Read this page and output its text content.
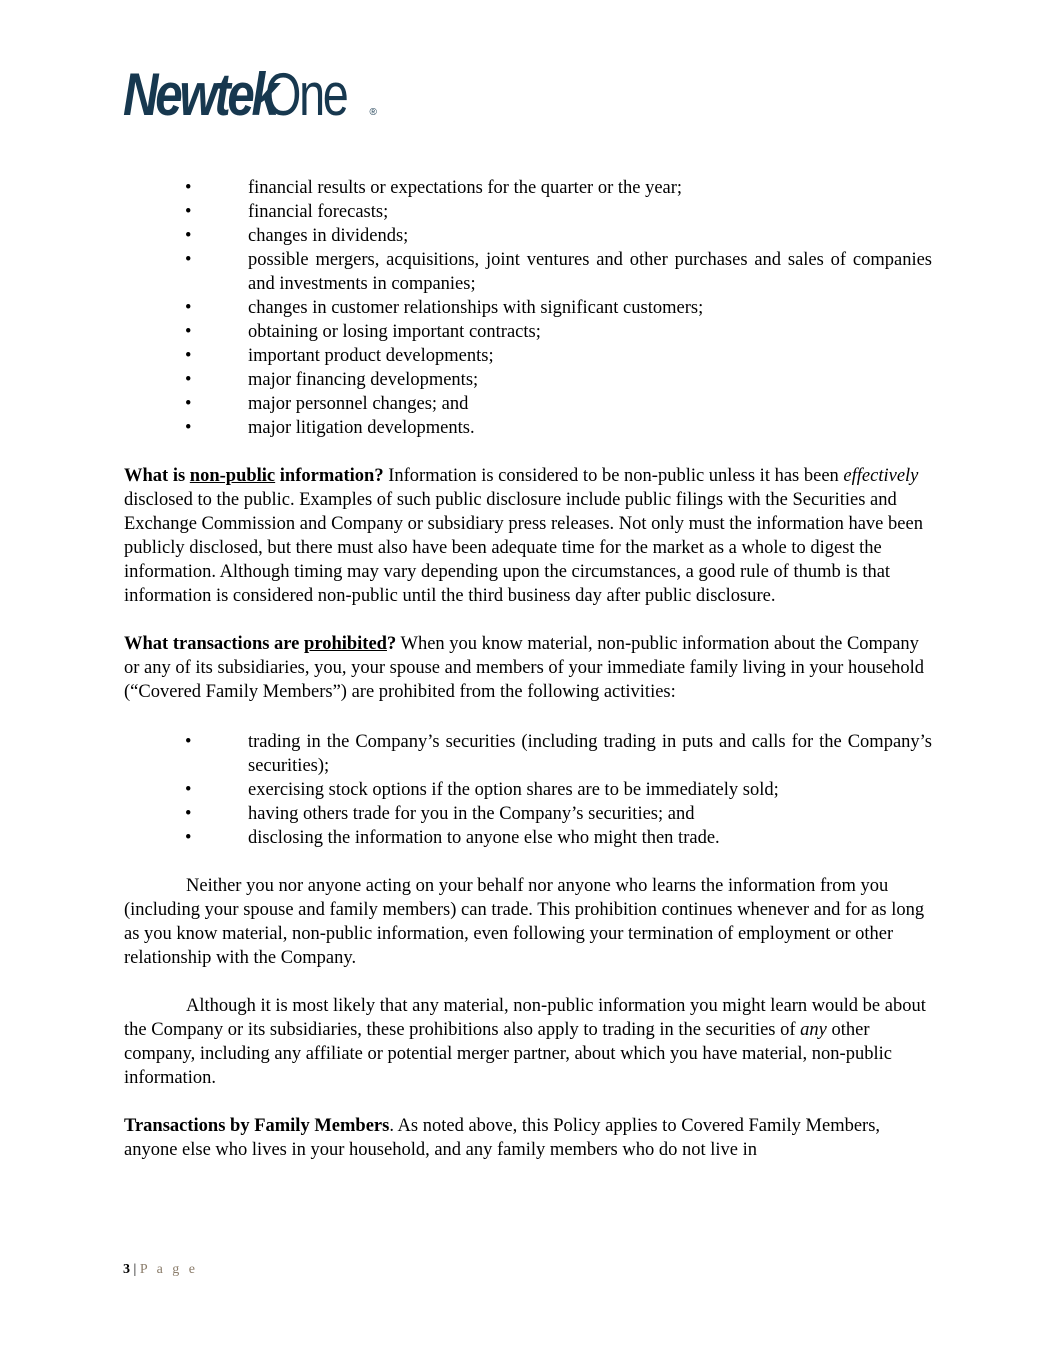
Newtek
One ®
• financial results or expectations for the quarter or the year;
• financial forecasts;
• changes in dividends;
• possible mergers, acquisitions, joint ventures and other purchases and sales of companies and investments in companies;
• changes in customer relationships with significant customers;
• obtaining or losing important contracts;
• important product developments;
• major financing developments;
• major personnel changes; and
• major litigation developments.

What is non-public information? Information is considered to be non-public unless it has been effectively disclosed to the public. Examples of such public disclosure include public filings with the Securities and Exchange Commission and Company or subsidiary press releases. Not only must the information have been publicly disclosed, but there must also have been adequate time for the market as a whole to digest the information. Although timing may vary depending upon the circumstances, a good rule of thumb is that information is considered non-public until the third business day after public disclosure.

What transactions are prohibited? When you know material, non-public information about the Company or any of its subsidiaries, you, your spouse and members of your immediate family living in your household (“Covered Family Members”) are prohibited from the following activities:

• trading in the Company’s securities (including trading in puts and calls for the Company’s securities);
• exercising stock options if the option shares are to be immediately sold;
• having others trade for you in the Company’s securities; and
• disclosing the information to anyone else who might then trade.

Neither you nor anyone acting on your behalf nor anyone who learns the information from you (including your spouse and family members) can trade. This prohibition continues whenever and for as long as you know material, non-public information, even following your termination of employment or other relationship with the Company.

Although it is most likely that any material, non-public information you might learn would be about the Company or its subsidiaries, these prohibitions also apply to trading in the securities of any other company, including any affiliate or potential merger partner, about which you have material, non-public information.

Transactions by Family Members. As noted above, this Policy applies to Covered Family Members, anyone else who lives in your household, and any family members who do not live in

3 | P a g e
